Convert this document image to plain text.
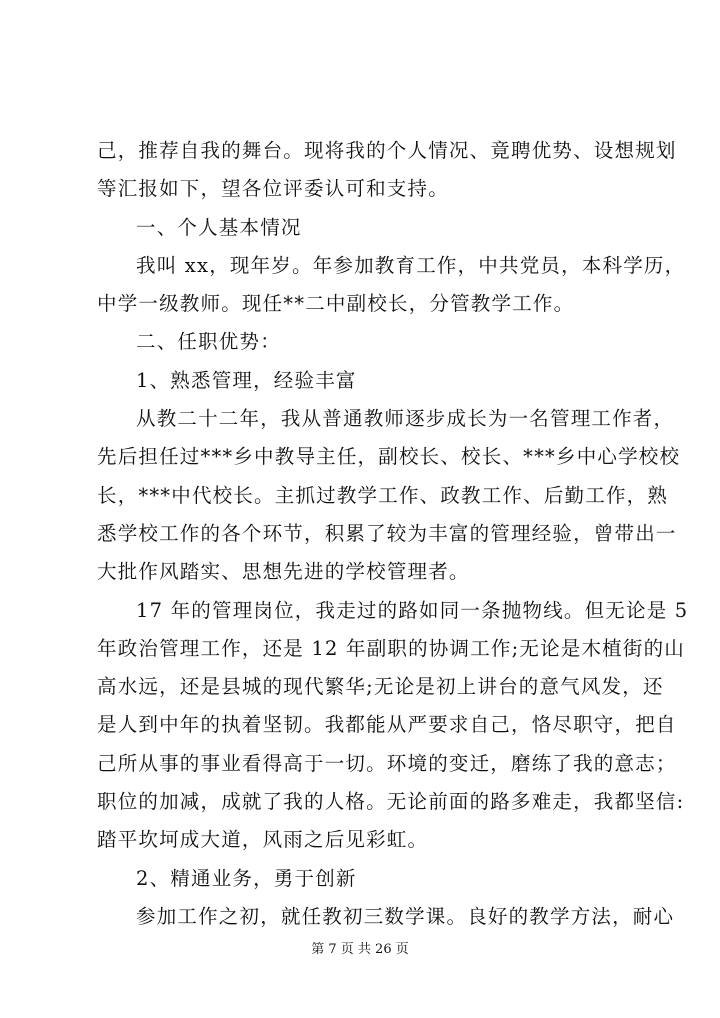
己，推荐自我的舞台。现将我的个人情况、竟聘优势、设想规划
等汇报如下，望各位评委认可和支持。
一、个人基本情况
我叫 xx，现年岁。年参加教育工作，中共党员，本科学历，
中学一级教师。现任**二中副校长，分管教学工作。
二、任职优势：
1、熟悉管理，经验丰富
从教二十二年，我从普通教师逐步成长为一名管理工作者，
先后担任过***乡中教导主任，副校长、校长、***乡中心学校校
长，***中代校长。主抓过教学工作、政教工作、后勤工作，熟
悉学校工作的各个环节，积累了较为丰富的管理经验，曾带出一
大批作风踏实、思想先进的学校管理者。
17 年的管理岗位，我走过的路如同一条抛物线。但无论是 5
年政治管理工作，还是 12 年副职的协调工作;无论是木植街的山
高水远，还是县城的现代繁华;无论是初上讲台的意气风发，还
是人到中年的执着坚韧。我都能从严要求自己，恪尽职守，把自
己所从事的事业看得高于一切。环境的变迁，磨练了我的意志；
职位的加减，成就了我的人格。无论前面的路多难走，我都坚信:
踏平坎坷成大道，风雨之后见彩虹。
2、精通业务，勇于创新
参加工作之初，就任教初三数学课。良好的教学方法，耐心
第 7 页 共 26 页
